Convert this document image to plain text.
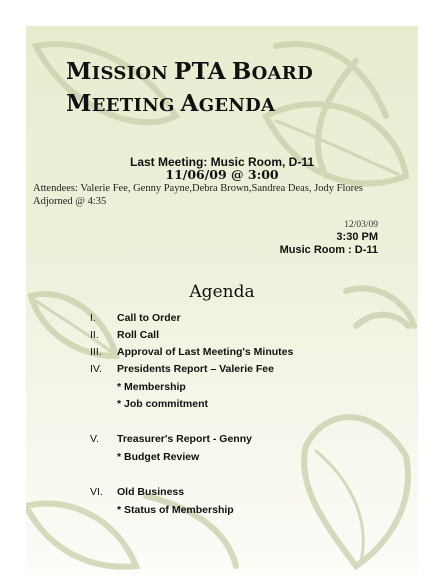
MISSION PTA BOARD
MEETING AGENDA
Last Meeting: Music Room, D-11
11/06/09 @ 3:00
Attendees: Valerie Fee, Genny Payne,Debra Brown,Sandrea Deas, Jody Flores
Adjorned @ 4:35
12/03/09
3:30 PM
Music Room : D-11
Agenda
I. Call to Order
II. Roll Call
III. Approval of Last Meeting's Minutes
IV. Presidents Report – Valerie Fee
* Membership
* Job commitment
V. Treasurer's Report - Genny
* Budget Review
VI. Old Business
* Status of Membership
